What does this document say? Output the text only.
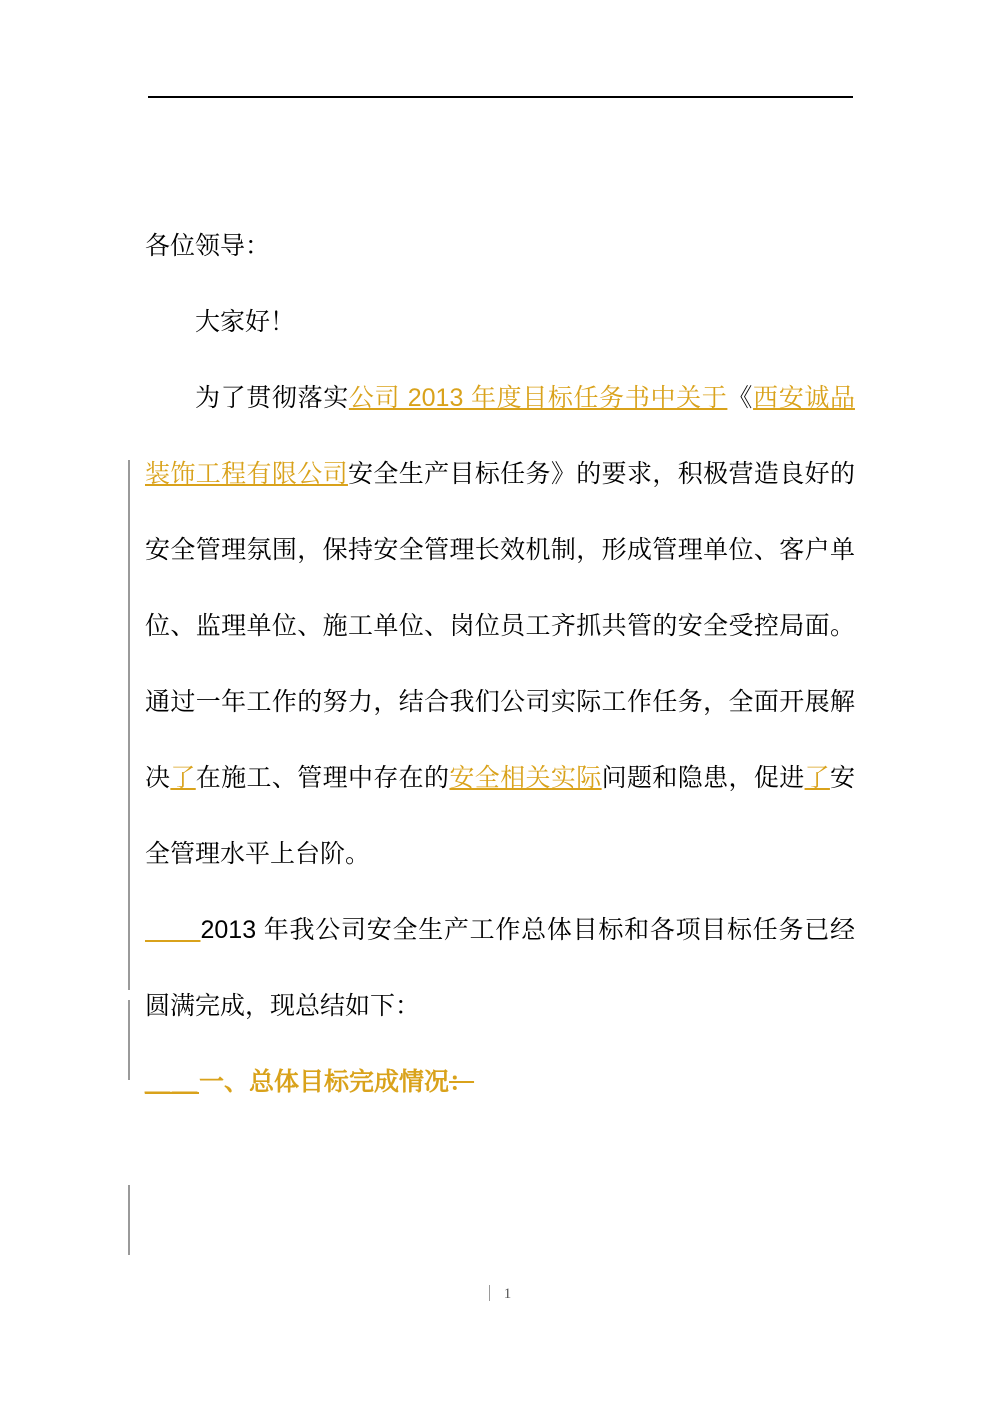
各位领导：

大家好！

为了贯彻落实公司 2013 年度目标任务书中关于《西安诚品装饰工程有限公司安全生产目标任务》的要求，积极营造良好的安全管理氛围，保持安全管理长效机制，形成管理单位、客户单位、监理单位、施工单位、岗位员工齐抓共管的安全受控局面。通过一年工作的努力，结合我们公司实际工作任务，全面开展解决了在施工、管理中存在的安全相关实际问题和隐患，促进了安全管理水平上台阶。

＿＿2013 年我公司安全生产工作总体目标和各项目标任务已经圆满完成，现总结如下：

＿＿一、总体目标完成情况：

1
